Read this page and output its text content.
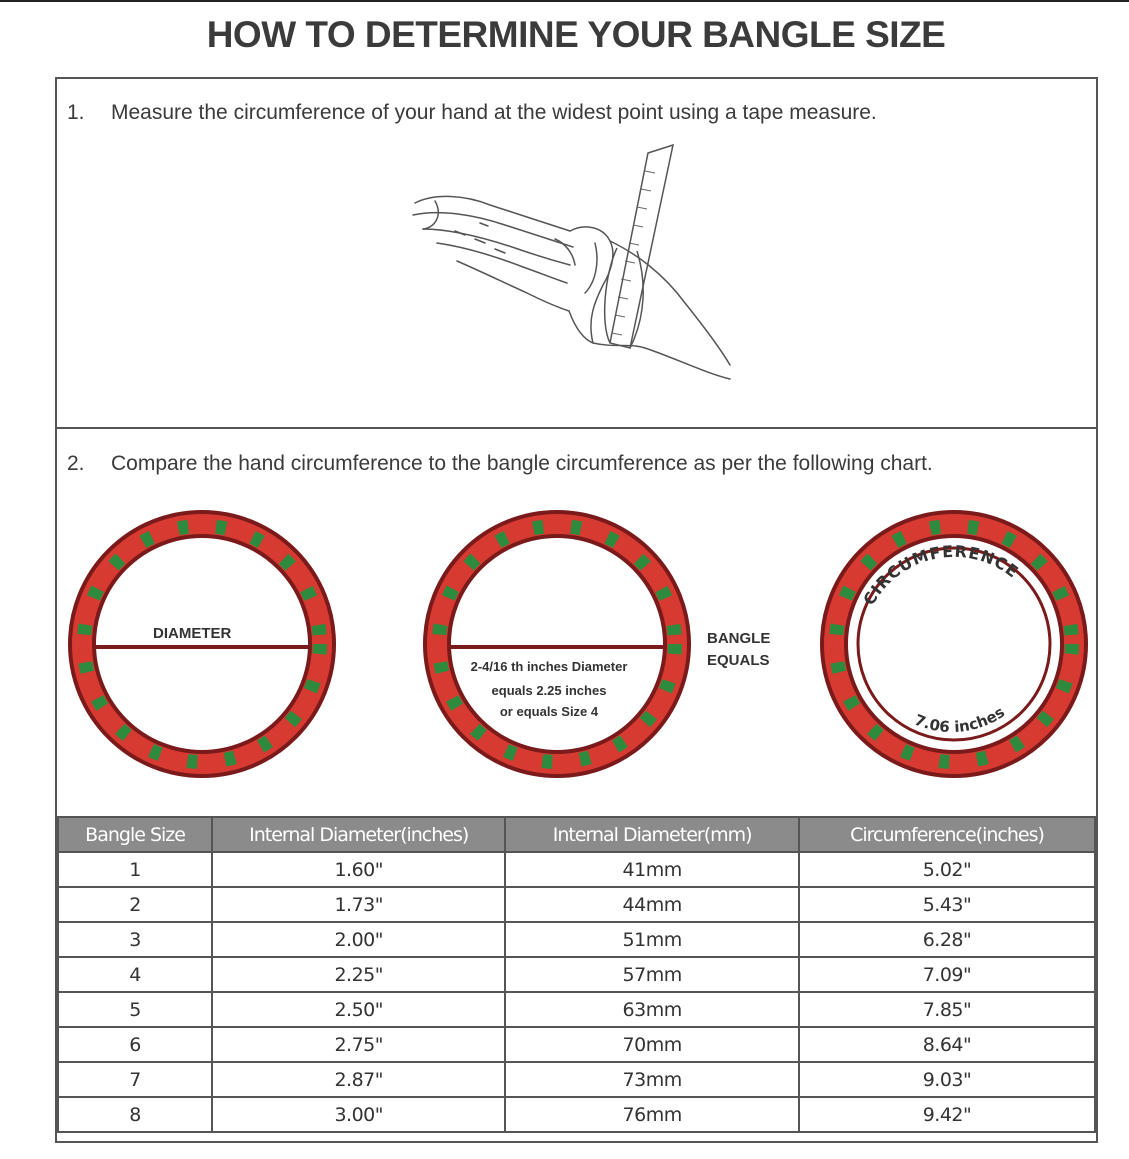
HOW TO DETERMINE YOUR BANGLE SIZE
1. Measure the circumference of your hand at the widest point using a tape measure.
2. Compare the hand circumference to the bangle circumference as per the following chart.
DIAMETER
2-4/16 th inches Diameter
equals 2.25 inches
or equals Size 4
BANGLE
EQUALS
CIRCUMFERENCE
7.06 inches
Bangle Size	Internal Diameter(inches)	Internal Diameter(mm)	Circumference(inches)
1	1.60"	41mm	5.02"
2	1.73"	44mm	5.43"
3	2.00"	51mm	6.28"
4	2.25"	57mm	7.09"
5	2.50"	63mm	7.85"
6	2.75"	70mm	8.64"
7	2.87"	73mm	9.03"
8	3.00"	76mm	9.42"
